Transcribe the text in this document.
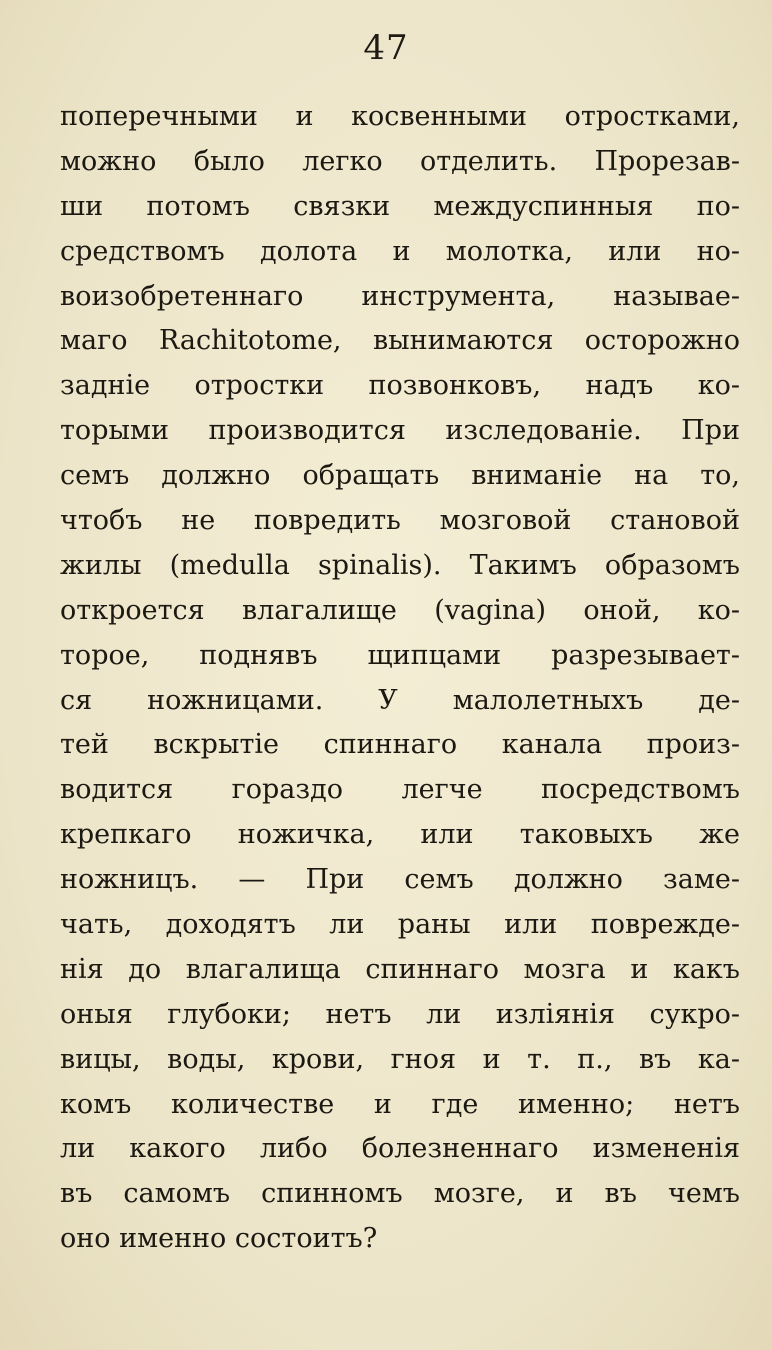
47
поперечными и косвенными отростками,
можно было легко отделить. Прорезав-
ши потомъ связки междуспинныя по-
средствомъ долота и молотка, или но-
воизобретеннаго инструмента, называе-
маго Rachitotome, вынимаются осторожно
задніе отростки позвонковъ, надъ ко-
торыми производится изследованіе. При
семъ должно обращать вниманіе на то,
чтобъ не повредить мозговой становой
жилы (medulla spinalis). Такимъ образомъ
откроется влагалище (vagina) оной, ко-
торое, поднявъ щипцами разрезывает-
ся ножницами. У малолетныхъ де-
тей вскрытіе спиннаго канала произ-
водится гораздо легче посредствомъ
крепкаго ножичка, или таковыхъ же
ножницъ. — При семъ должно заме-
чать, доходятъ ли раны или поврежде-
нія до влагалища спиннаго мозга и какъ
оныя глубоки; нетъ ли изліянія сукро-
вицы, воды, крови, гноя и т. п., въ ка-
комъ количестве и где именно; нетъ
ли какого либо болезненнаго измененія
въ самомъ спинномъ мозге, и въ чемъ
оно именно состоитъ?
